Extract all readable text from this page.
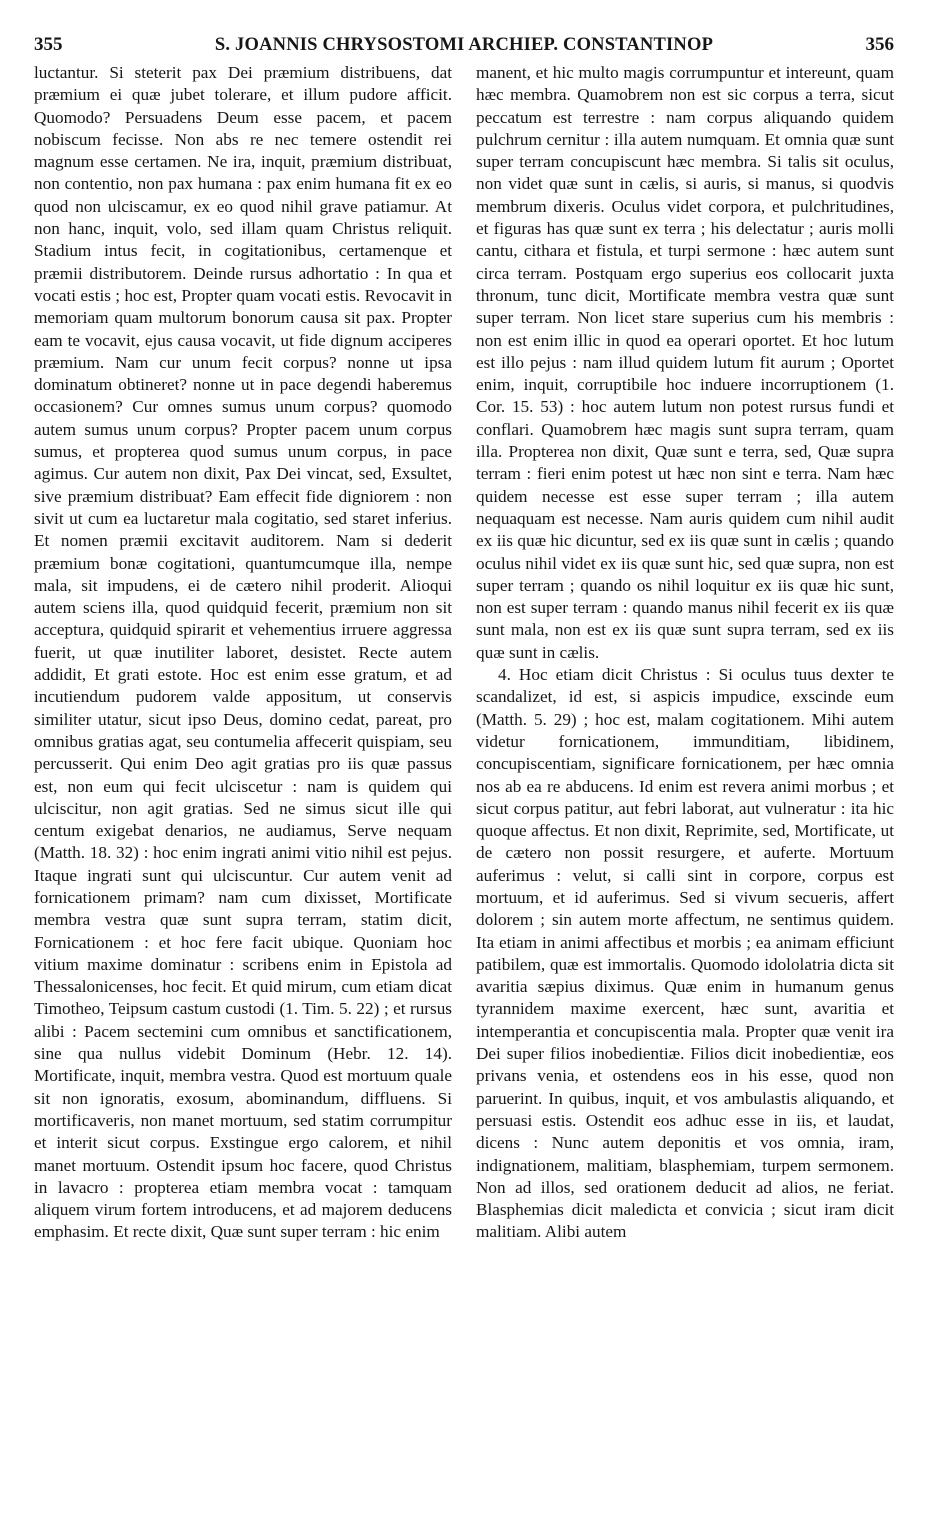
355	S. JOANNIS CHRYSOSTOMI ARCHIEP. CONSTANTINOP	356

luctantur. Si steterit pax Dei præmium distribuens, dat præmium ei quæ jubet tolerare, et illum pudore afficit. Quomodo? Persuadens Deum esse pacem, et pacem nobiscum fecisse. Non abs re nec temere ostendit rei magnum esse certamen. Ne ira, inquit, præmium distribuat, non contentio, non pax humana : pax enim humana fit ex eo quod non ulciscamur, ex eo quod nihil grave patiamur. At non hanc, inquit, volo, sed illam quam Christus reliquit. Stadium intus fecit, in cogitationibus, certamenque et præmii distributorem. Deinde rursus adhortatio : In qua et vocati estis ; hoc est, Propter quam vocati estis. Revocavit in memoriam quam multorum bonorum causa sit pax. Propter eam te vocavit, ejus causa vocavit, ut fide dignum acciperes præmium. Nam cur unum fecit corpus? nonne ut ipsa dominatum obtineret? nonne ut in pace degendi haberemus occasionem? Cur omnes sumus unum corpus? quomodo autem sumus unum corpus? Propter pacem unum corpus sumus, et propterea quod sumus unum corpus, in pace agimus. Cur autem non dixit, Pax Dei vincat, sed, Exsultet, sive præmium distribuat? Eam effecit fide digniorem : non sivit ut cum ea luctaretur mala cogitatio, sed staret inferius. Et nomen præmii excitavit auditorem. Nam si dederit præmium bonæ cogitationi, quantumcumque illa, nempe mala, sit impudens, ei de cætero nihil proderit. Alioqui autem sciens illa, quod quidquid fecerit, præmium non sit acceptura, quidquid spirarit et vehementius irruere aggressa fuerit, ut quæ inutiliter laboret, desistet. Recte autem addidit, Et grati estote. Hoc est enim esse gratum, et ad incutiendum pudorem valde appositum, ut conservis similiter utatur, sicut ipso Deus, domino cedat, pareat, pro omnibus gratias agat, seu contumelia affecerit quispiam, seu percusserit. Qui enim Deo agit gratias pro iis quæ passus est, non eum qui fecit ulciscetur : nam is quidem qui ulciscitur, non agit gratias. Sed ne simus sicut ille qui centum exigebat denarios, ne audiamus, Serve nequam (Matth. 18. 32) : hoc enim ingrati animi vitio nihil est pejus. Itaque ingrati sunt qui ulciscuntur. Cur autem venit ad fornicationem primam? nam cum dixisset, Mortificate membra vestra quæ sunt supra terram, statim dicit, Fornicationem : et hoc fere facit ubique. Quoniam hoc vitium maxime dominatur : scribens enim in Epistola ad Thessalonicenses, hoc fecit. Et quid mirum, cum etiam dicat Timotheo, Teipsum castum custodi (1. Tim. 5. 22) ; et rursus alibi : Pacem sectemini cum omnibus et sanctificationem, sine qua nullus videbit Dominum (Hebr. 12. 14). Mortificate, inquit, membra vestra. Quod est mortuum quale sit non ignoratis, exosum, abominandum, diffluens. Si mortificaveris, non manet mortuum, sed statim corrumpitur et interit sicut corpus. Exstingue ergo calorem, et nihil manet mortuum. Ostendit ipsum hoc facere, quod Christus in lavacro : propterea etiam membra vocat : tamquam aliquem virum fortem introducens, et ad majorem deducens emphasim. Et recte dixit, Quæ sunt super terram : hic enim

manent, et hic multo magis corrumpuntur et intereunt, quam hæc membra. Quamobrem non est sic corpus a terra, sicut peccatum est terrestre : nam corpus aliquando quidem pulchrum cernitur : illa autem numquam. Et omnia quæ sunt super terram concupiscunt hæc membra. Si talis sit oculus, non videt quæ sunt in cælis, si auris, si manus, si quodvis membrum dixeris. Oculus videt corpora, et pulchritudines, et figuras has quæ sunt ex terra ; his delectatur ; auris molli cantu, cithara et fistula, et turpi sermone : hæc autem sunt circa terram. Postquam ergo superius eos collocarit juxta thronum, tunc dicit, Mortificate membra vestra quæ sunt super terram. Non licet stare superius cum his membris : non est enim illic in quod ea operari oportet. Et hoc lutum est illo pejus : nam illud quidem lutum fit aurum ; Oportet enim, inquit, corruptibile hoc induere incorruptionem (1. Cor. 15. 53) : hoc autem lutum non potest rursus fundi et conflari. Quamobrem hæc magis sunt supra terram, quam illa. Propterea non dixit, Quæ sunt e terra, sed, Quæ supra terram : fieri enim potest ut hæc non sint e terra. Nam hæc quidem necesse est esse super terram ; illa autem nequaquam est necesse. Nam auris quidem cum nihil audit ex iis quæ hic dicuntur, sed ex iis quæ sunt in cælis ; quando oculus nihil videt ex iis quæ sunt hic, sed quæ supra, non est super terram ; quando os nihil loquitur ex iis quæ hic sunt, non est super terram : quando manus nihil fecerit ex iis quæ sunt mala, non est ex iis quæ sunt supra terram, sed ex iis quæ sunt in cælis.

4. Hoc etiam dicit Christus : Si oculus tuus dexter te scandalizet, id est, si aspicis impudice, exscinde eum (Matth. 5. 29) ; hoc est, malam cogitationem. Mihi autem videtur fornicationem, immunditiam, libidinem, concupiscentiam, significare fornicationem, per hæc omnia nos ab ea re abducens. Id enim est revera animi morbus ; et sicut corpus patitur, aut febri laborat, aut vulneratur : ita hic quoque affectus. Et non dixit, Reprimite, sed, Mortificate, ut de cætero non possit resurgere, et auferte. Mortuum auferimus : velut, si calli sint in corpore, corpus est mortuum, et id auferimus. Sed si vivum secueris, affert dolorem ; sin autem morte affectum, ne sentimus quidem. Ita etiam in animi affectibus et morbis ; ea animam efficiunt patibilem, quæ est immortalis. Quomodo idololatria dicta sit avaritia sæpius diximus. Quæ enim in humanum genus tyrannidem maxime exercent, hæc sunt, avaritia et intemperantia et concupiscentia mala. Propter quæ venit ira Dei super filios inobedientiæ. Filios dicit inobedientiæ, eos privans venia, et ostendens eos in his esse, quod non paruerint. In quibus, inquit, et vos ambulastis aliquando, et persuasi estis. Ostendit eos adhuc esse in iis, et laudat, dicens : Nunc autem deponitis et vos omnia, iram, indignationem, malitiam, blasphemiam, turpem sermonem. Non ad illos, sed orationem deducit ad alios, ne feriat. Blasphemias dicit maledicta et convicia ; sicut iram dicit malitiam. Alibi autem
